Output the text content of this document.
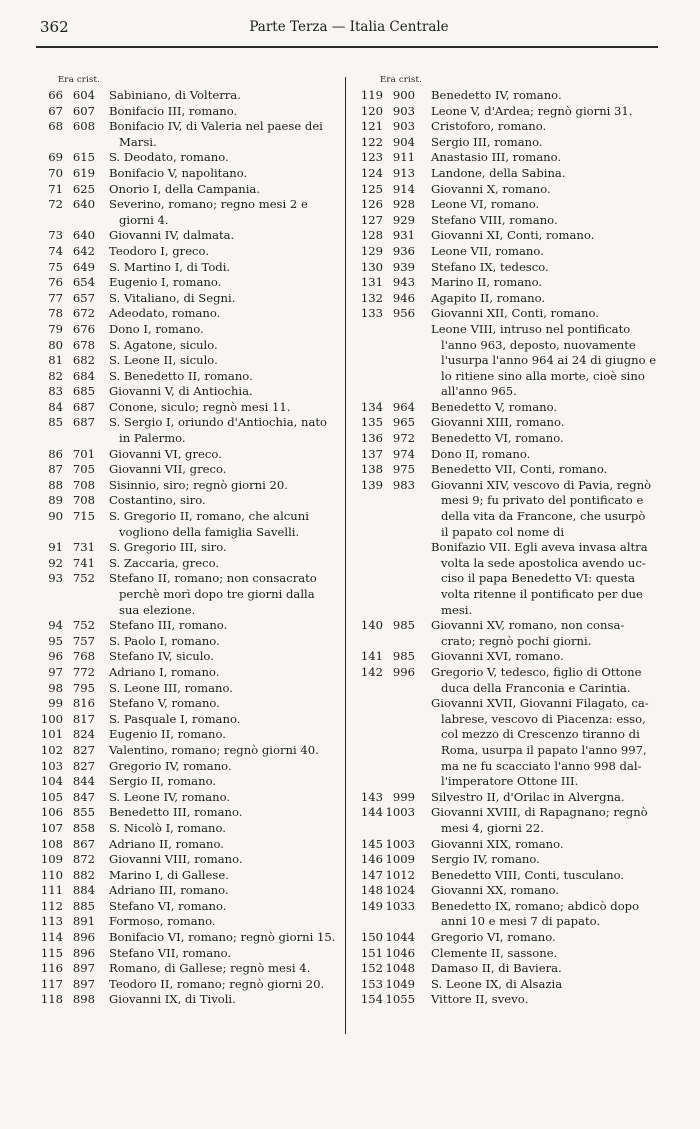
362	Parte Terza — Italia Centrale
Era crist.
66 604 Sabiniano, di Volterra.
67 607 Bonifacio III, romano.
68 608 Bonifacio IV, di Valeria nel paese dei
Marsi.
69 615 S. Deodato, romano.
70 619 Bonifacio V, napolitano.
71 625 Onorio I, della Campania.
72 640 Severino, romano; regno mesi 2 e
giorni 4.
73 640 Giovanni IV, dalmata.
74 642 Teodoro I, greco.
75 649 S. Martino I, di Todi.
76 654 Eugenio I, romano.
77 657 S. Vitaliano, di Segni.
78 672 Adeodato, romano.
79 676 Dono I, romano.
80 678 S. Agatone, siculo.
81 682 S. Leone II, siculo.
82 684 S. Benedetto II, romano.
83 685 Giovanni V, di Antiochia.
84 687 Conone, siculo; regnò mesi 11.
85 687 S. Sergio I, oriundo d'Antiochia, nato
in Palermo.
86 701 Giovanni VI, greco.
87 705 Giovanni VII, greco.
88 708 Sisinnio, siro; regnò giorni 20.
89 708 Costantino, siro.
90 715 S. Gregorio II, romano, che alcuni
vogliono della famiglia Savelli.
91 731 S. Gregorio III, siro.
92 741 S. Zaccaria, greco.
93 752 Stefano II, romano; non consacrato
perchè morì dopo tre giorni dalla
sua elezione.
94 752 Stefano III, romano.
95 757 S. Paolo I, romano.
96 768 Stefano IV, siculo.
97 772 Adriano I, romano.
98 795 S. Leone III, romano.
99 816 Stefano V, romano.
100 817 S. Pasquale I, romano.
101 824 Eugenio II, romano.
102 827 Valentino, romano; regnò giorni 40.
103 827 Gregorio IV, romano.
104 844 Sergio II, romano.
105 847 S. Leone IV, romano.
106 855 Benedetto III, romano.
107 858 S. Nicolò I, romano.
108 867 Adriano II, romano.
109 872 Giovanni VIII, romano.
110 882 Marino I, di Gallese.
111 884 Adriano III, romano.
112 885 Stefano VI, romano.
113 891 Formoso, romano.
114 896 Bonifacio VI, romano; regnò giorni 15.
115 896 Stefano VII, romano.
116 897 Romano, di Gallese; regnò mesi 4.
117 897 Teodoro II, romano; regnò giorni 20.
118 898 Giovanni IX, di Tivoli.
Era crist.
119 900 Benedetto IV, romano.
120 903 Leone V, d'Ardea; regnò giorni 31.
121 903 Cristoforo, romano.
122 904 Sergio III, romano.
123 911 Anastasio III, romano.
124 913 Landone, della Sabina.
125 914 Giovanni X, romano.
126 928 Leone VI, romano.
127 929 Stefano VIII, romano.
128 931 Giovanni XI, Conti, romano.
129 936 Leone VII, romano.
130 939 Stefano IX, tedesco.
131 943 Marino II, romano.
132 946 Agapito II, romano.
133 956 Giovanni XII, Conti, romano.
Leone VIII, intruso nel pontificato
l'anno 963, deposto, nuovamente
l'usurpa l'anno 964 ai 24 di giugno e
lo ritiene sino alla morte, cioè sino
all'anno 965.
134 964 Benedetto V, romano.
135 965 Giovanni XIII, romano.
136 972 Benedetto VI, romano.
137 974 Dono II, romano.
138 975 Benedetto VII, Conti, romano.
139 983 Giovanni XIV, vescovo di Pavia, regnò
mesi 9; fu privato del pontificato e
della vita da Francone, che usurpò
il papato col nome di
Bonifazio VII. Egli aveva invasa altra
volta la sede apostolica avendo uc-
ciso il papa Benedetto VI: questa
volta ritenne il pontificato per due
mesi.
140 985 Giovanni XV, romano, non consa-
crato; regnò pochi giorni.
141 985 Giovanni XVI, romano.
142 996 Gregorio V, tedesco, figlio di Ottone
duca della Franconia e Carintia.
Giovanni XVII, Giovanni Filagato, ca-
labrese, vescovo di Piacenza: esso,
col mezzo di Crescenzo tiranno di
Roma, usurpa il papato l'anno 997,
ma ne fu scacciato l'anno 998 dal-
l'imperatore Ottone III.
143 999 Silvestro II, d'Orilac in Alvergna.
144 1003 Giovanni XVIII, di Rapagnano; regnò
mesi 4, giorni 22.
145 1003 Giovanni XIX, romano.
146 1009 Sergio IV, romano.
147 1012 Benedetto VIII, Conti, tusculano.
148 1024 Giovanni XX, romano.
149 1033 Benedetto IX, romano; abdicò dopo
anni 10 e mesi 7 di papato.
150 1044 Gregorio VI, romano.
151 1046 Clemente II, sassone.
152 1048 Damaso II, di Baviera.
153 1049 S. Leone IX, di Alsazia
154 1055 Vittore II, svevo.
